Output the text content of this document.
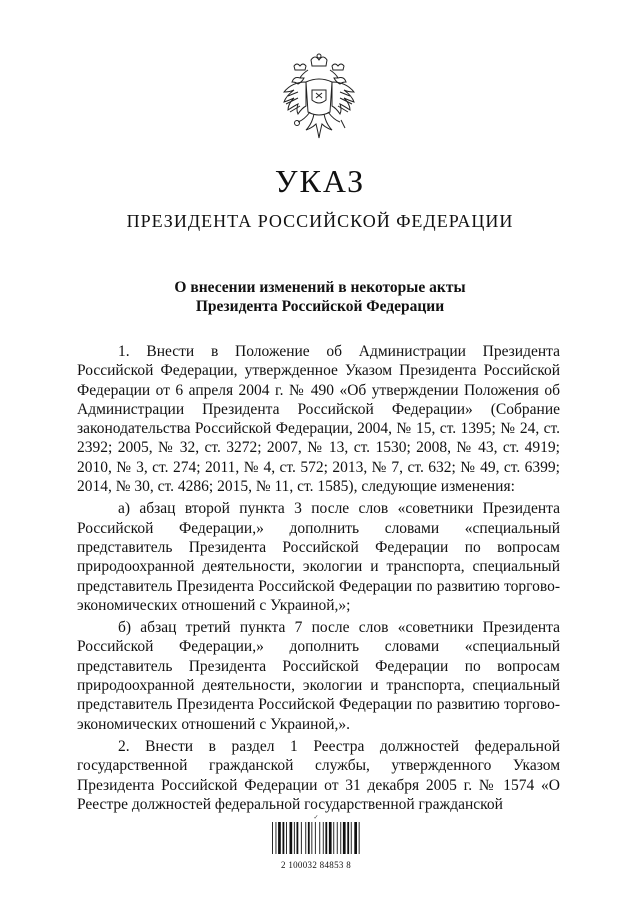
УКАЗ
ПРЕЗИДЕНТА РОССИЙСКОЙ ФЕДЕРАЦИИ
О внесении изменений в некоторые акты
Президента Российской Федерации

1. Внести в Положение об Администрации Президента Российской Федерации, утвержденное Указом Президента Российской Федерации от 6 апреля 2004 г. № 490 «Об утверждении Положения об Администрации Президента Российской Федерации» (Собрание законодательства Российской Федерации, 2004, № 15, ст. 1395; № 24, ст. 2392; 2005, № 32, ст. 3272; 2007, № 13, ст. 1530; 2008, № 43, ст. 4919; 2010, № 3, ст. 274; 2011, № 4, ст. 572; 2013, № 7, ст. 632; № 49, ст. 6399; 2014, № 30, ст. 4286; 2015, № 11, ст. 1585), следующие изменения:

а) абзац второй пункта 3 после слов «советники Президента Российской Федерации,» дополнить словами «специальный представитель Президента Российской Федерации по вопросам природоохранной деятельности, экологии и транспорта, специальный представитель Президента Российской Федерации по развитию торгово-экономических отношений с Украиной,»;

б) абзац третий пункта 7 после слов «советники Президента Российской Федерации,» дополнить словами «специальный представитель Президента Российской Федерации по вопросам природоохранной деятельности, экологии и транспорта, специальный представитель Президента Российской Федерации по развитию торгово-экономических отношений с Украиной,».

2. Внести в раздел 1 Реестра должностей федеральной государственной гражданской службы, утвержденного Указом Президента Российской Федерации от 31 декабря 2005 г. № 1574 «О Реестре должностей федеральной государственной гражданской

✓
2 100032 84853 8
